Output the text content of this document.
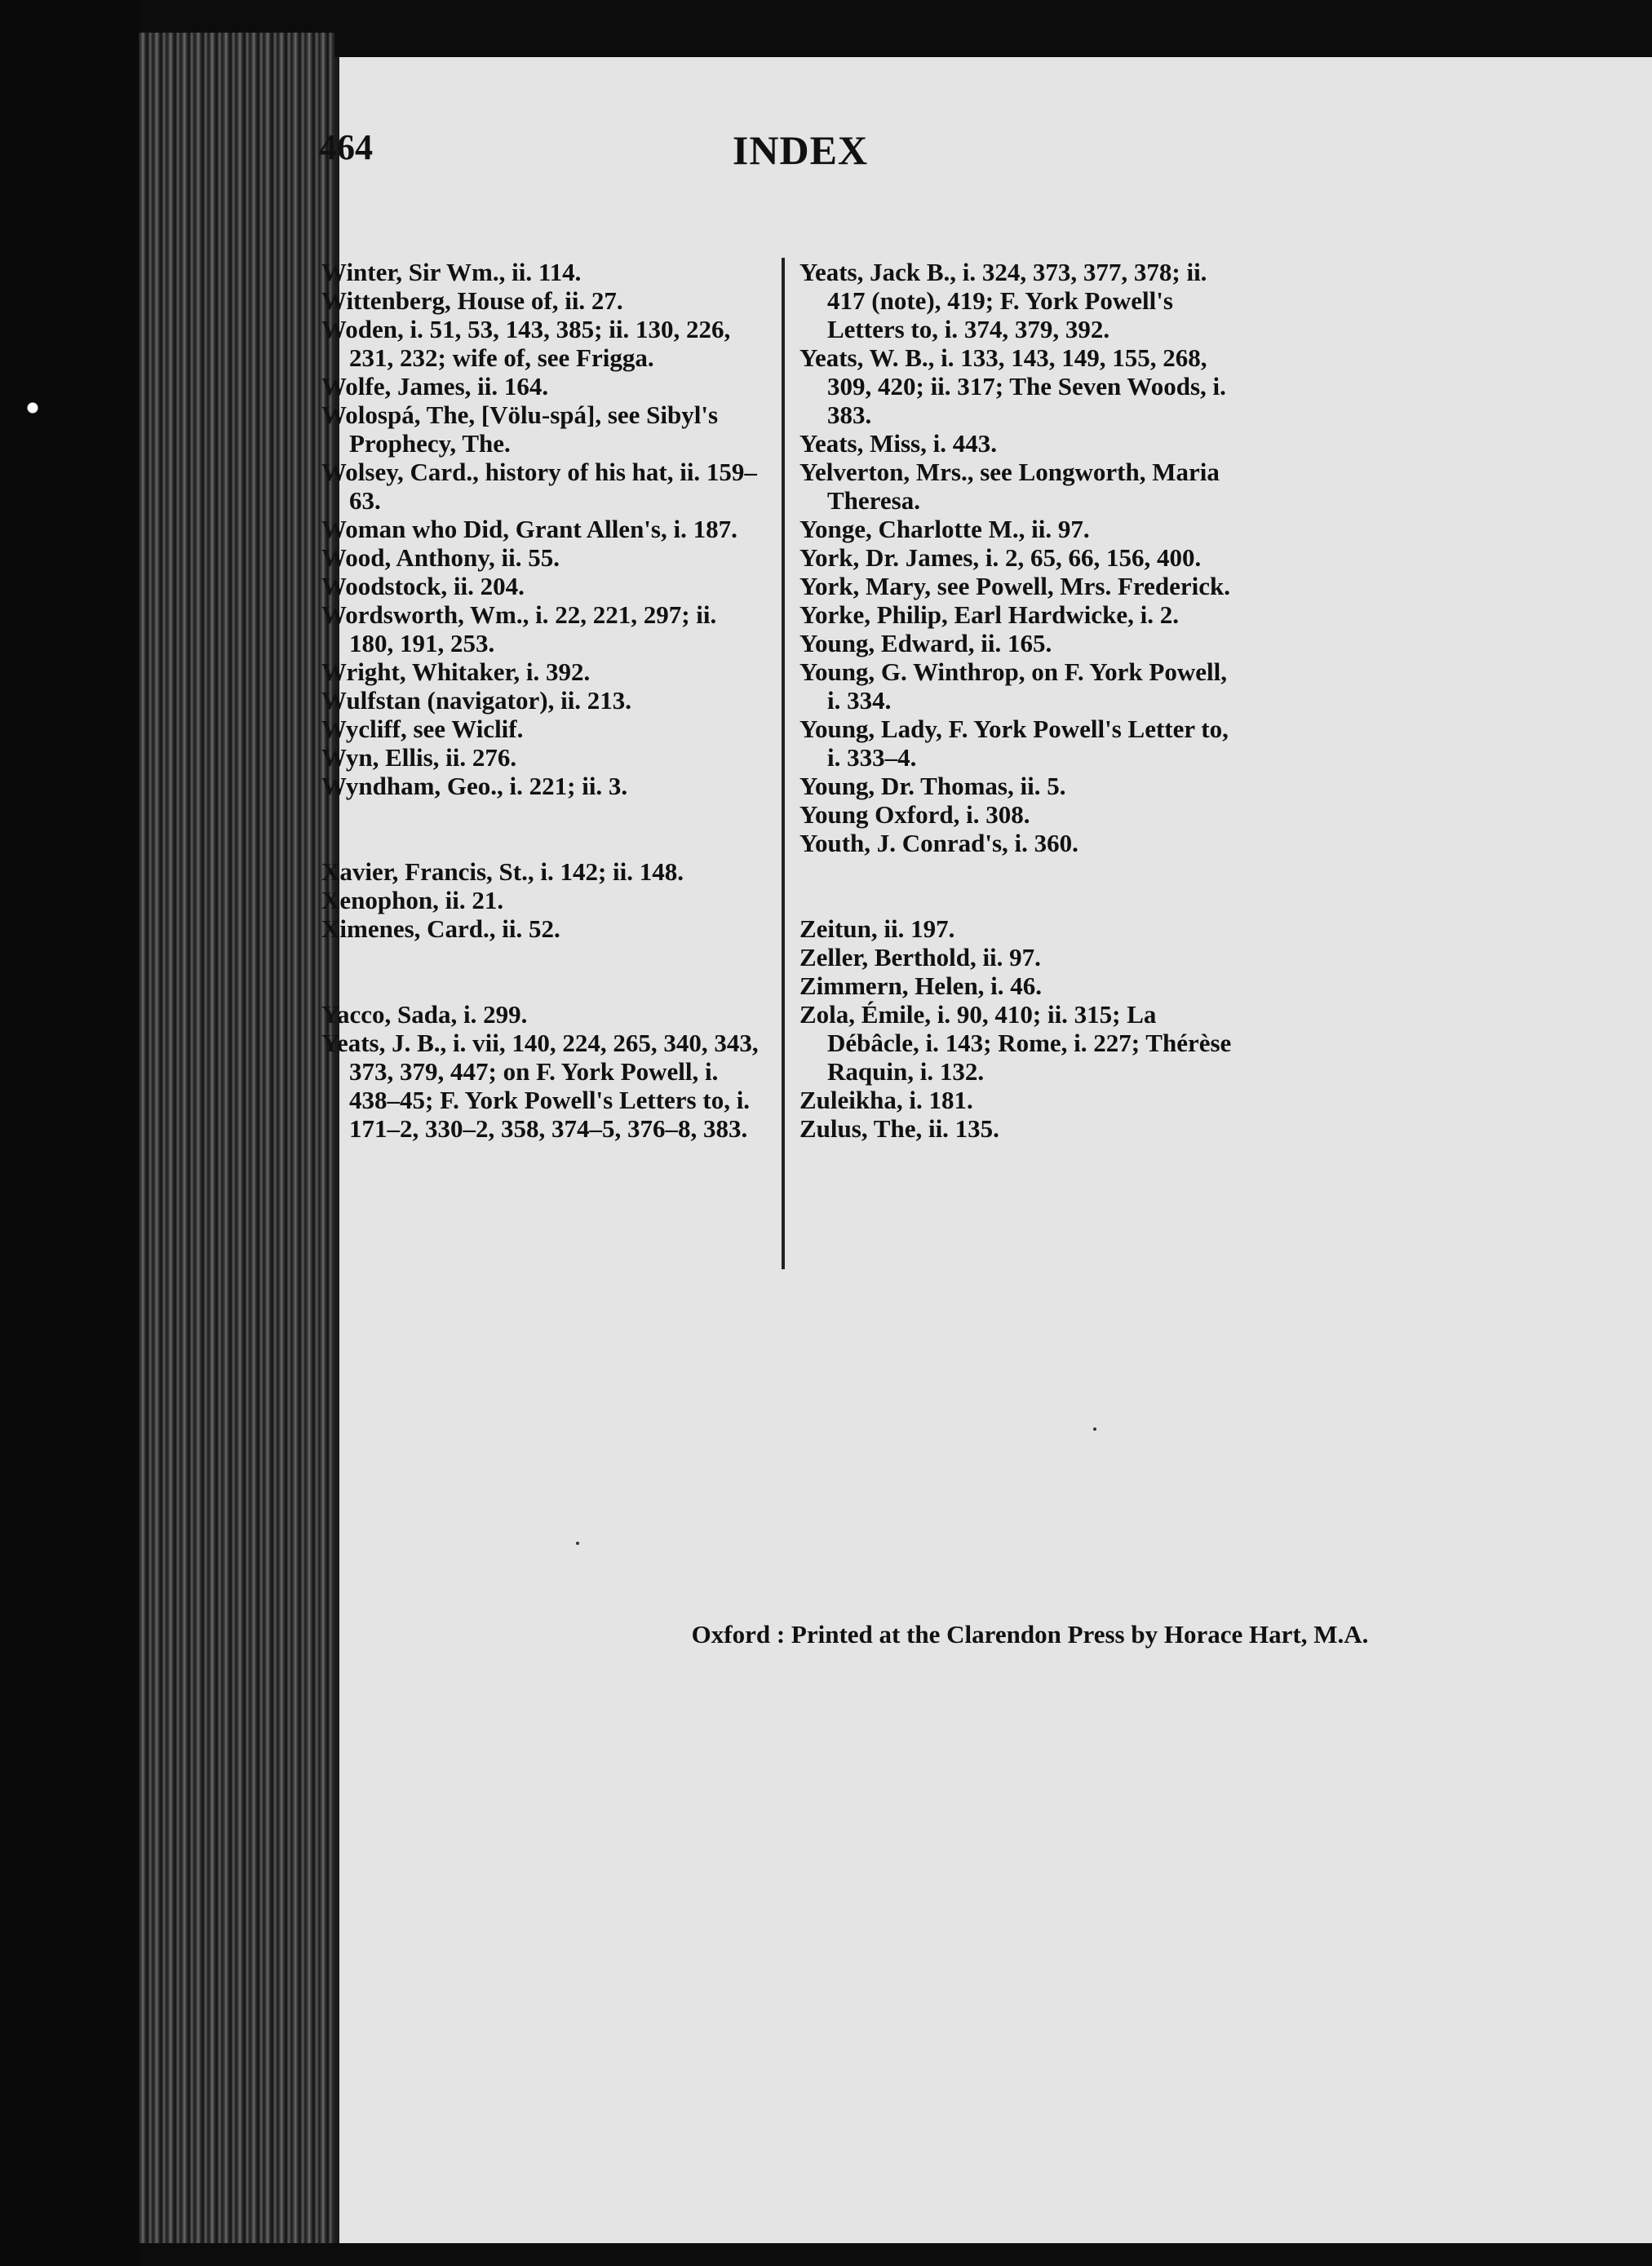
464	INDEX
Winter, Sir Wm., ii. 114.
Wittenberg, House of, ii. 27.
Woden, i. 51, 53, 143, 385; ii. 130, 226, 231, 232; wife of, see Frigga.
Wolfe, James, ii. 164.
Wolospá, The, [Völu-spá], see Sibyl's Prophecy, The.
Wolsey, Card., history of his hat, ii. 159–63.
Woman who Did, Grant Allen's, i. 187.
Wood, Anthony, ii. 55.
Woodstock, ii. 204.
Wordsworth, Wm., i. 22, 221, 297; ii. 180, 191, 253.
Wright, Whitaker, i. 392.
Wulfstan (navigator), ii. 213.
Wycliff, see Wiclif.
Wyn, Ellis, ii. 276.
Wyndham, Geo., i. 221; ii. 3.
Xavier, Francis, St., i. 142; ii. 148.
Xenophon, ii. 21.
Ximenes, Card., ii. 52.
Yacco, Sada, i. 299.
Yeats, J. B., i. vii, 140, 224, 265, 340, 343, 373, 379, 447; on F. York Powell, i. 438–45; F. York Powell's Letters to, i. 171–2, 330–2, 358, 374–5, 376–8, 383.
Yeats, Jack B., i. 324, 373, 377, 378; ii. 417 (note), 419; F. York Powell's Letters to, i. 374, 379, 392.
Yeats, W. B., i. 133, 143, 149, 155, 268, 309, 420; ii. 317; The Seven Woods, i. 383.
Yeats, Miss, i. 443.
Yelverton, Mrs., see Longworth, Maria Theresa.
Yonge, Charlotte M., ii. 97.
York, Dr. James, i. 2, 65, 66, 156, 400.
York, Mary, see Powell, Mrs. Frederick.
Yorke, Philip, Earl Hardwicke, i. 2.
Young, Edward, ii. 165.
Young, G. Winthrop, on F. York Powell, i. 334.
Young, Lady, F. York Powell's Letter to, i. 333–4.
Young, Dr. Thomas, ii. 5.
Young Oxford, i. 308.
Youth, J. Conrad's, i. 360.
Zeitun, ii. 197.
Zeller, Berthold, ii. 97.
Zimmern, Helen, i. 46.
Zola, Émile, i. 90, 410; ii. 315; La Débâcle, i. 143; Rome, i. 227; Thérèse Raquin, i. 132.
Zuleikha, i. 181.
Zulus, The, ii. 135.
Oxford : Printed at the Clarendon Press by Horace Hart, M.A.
